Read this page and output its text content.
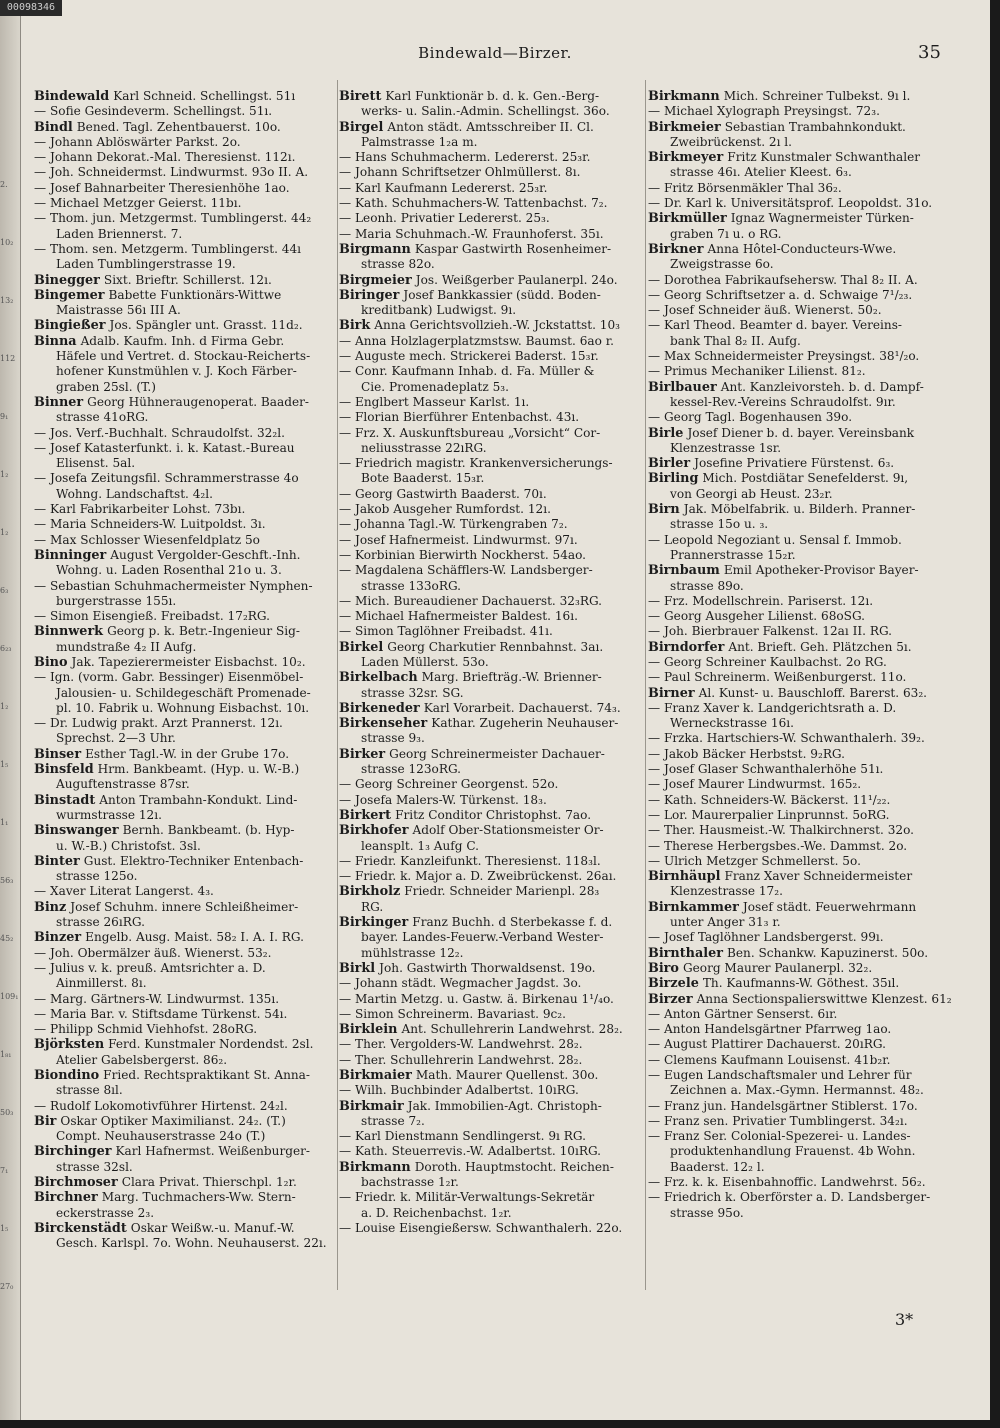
2.
10₂
13₂
112
9₁
1₂
1₂
6₃
6₂₃
1₂
1₅
1₁
56₃
45₂
109₁
1₈₁
50₃
7₁
1₅
27₀
00098346
Bindewald—Birzer.	35
Bindewald Karl Schneid. Schellingst. 51ı
— Sofie Gesindeverm. Schellingst. 51ı.
Bindl Bened. Tagl. Zehentbauerst. 10o.
— Johann Ablöswärter Parkst. 2o.
— Johann Dekorat.-Mal. Theresienst. 112ı.
— Joh. Schneidermst. Lindwurmst. 93o II. A.
— Josef Bahnarbeiter Theresienhöhe 1ao.
— Michael Metzger Geierst. 11bı.
— Thom. jun. Metzgermst. Tumblingerst. 44₂
Laden Briennerst. 7.
— Thom. sen. Metzgerm. Tumblingerst. 44ı
Laden Tumblingerstrasse 19.
Binegger Sixt. Brieftr. Schillerst. 12ı.
Bingemer Babette Funktionärs-Wittwe
Maistrasse 56ı III A.
Bingießer Jos. Spängler unt. Grasst. 11d₂.
Binna Adalb. Kaufm. Inh. d Firma Gebr.
Häfele und Vertret. d. Stockau-Reicherts-
hofener Kunstmühlen v. J. Koch Färber-
graben 25sl. (T.)
Binner Georg Hühneraugenoperat. Baader-
strasse 41oRG.
— Jos. Verf.-Buchhalt. Schraudolfst. 32₂l.
— Josef Katasterfunkt. i. k. Katast.-Bureau
Elisenst. 5al.
— Josefa Zeitungsfil. Schrammerstrasse 4o
Wohng. Landschaftst. 4₂l.
— Karl Fabrikarbeiter Lohst. 73bı.
— Maria Schneiders-W. Luitpoldst. 3ı.
— Max Schlosser Wiesenfeldplatz 5o
Binninger August Vergolder-Geschft.-Inh.
Wohng. u. Laden Rosenthal 21o u. 3.
— Sebastian Schuhmachermeister Nymphen-
burgerstrasse 155ı.
— Simon Eisengieß. Freibadst. 17₂RG.
Binnwerk Georg p. k. Betr.-Ingenieur Sig-
mundstraße 4₂ II Aufg.
Bino Jak. Tapezierermeister Eisbachst. 10₂.
— Ign. (vorm. Gabr. Bessinger) Eisenmöbel-
Jalousien- u. Schildegeschäft Promenade-
pl. 10. Fabrik u. Wohnung Eisbachst. 10ı.
— Dr. Ludwig prakt. Arzt Prannerst. 12ı.
Sprechst. 2—3 Uhr.
Binser Esther Tagl.-W. in der Grube 17o.
Binsfeld Hrm. Bankbeamt. (Hyp. u. W.-B.)
Auguftenstrasse 87sr.
Binstadt Anton Trambahn-Kondukt. Lind-
wurmstrasse 12ı.
Binswanger Bernh. Bankbeamt. (b. Hyp-
u. W.-B.) Christofst. 3sl.
Binter Gust. Elektro-Techniker Entenbach-
strasse 125o.
— Xaver Literat Langerst. 4₃.
Binz Josef Schuhm. innere Schleißheimer-
strasse 26ıRG.
Binzer Engelb. Ausg. Maist. 58₂ I. A. I. RG.
— Joh. Obermälzer äuß. Wienerst. 53₂.
— Julius v. k. preuß. Amtsrichter a. D.
Ainmillerst. 8ı.
— Marg. Gärtners-W. Lindwurmst. 135ı.
— Maria Bar. v. Stiftsdame Türkenst. 54ı.
— Philipp Schmid Viehhofst. 28oRG.
Björksten Ferd. Kunstmaler Nordendst. 2sl.
Atelier Gabelsbergerst. 86₂.
Biondino Fried. Rechtspraktikant St. Anna-
strasse 8ıl.
— Rudolf Lokomotivführer Hirtenst. 24₂l.
Bir Oskar Optiker Maximilianst. 24₂. (T.)
Compt. Neuhauserstrasse 24o (T.)
Birchinger Karl Hafnermst. Weißenburger-
strasse 32sl.
Birchmoser Clara Privat. Thierschpl. 1₂r.
Birchner Marg. Tuchmachers-Ww. Stern-
eckerstrasse 2₃.
Birckenstädt Oskar Weißw.-u. Manuf.-W.
Gesch. Karlspl. 7o. Wohn. Neuhauserst. 22ı.
Birett Karl Funktionär b. d. k. Gen.-Berg-
werks- u. Salin.-Admin. Schellingst. 36o.
Birgel Anton städt. Amtsschreiber II. Cl.
Palmstrasse 1₂a m.
— Hans Schuhmacherm. Ledererst. 25₃r.
— Johann Schriftsetzer Ohlmüllerst. 8ı.
— Karl Kaufmann Ledererst. 25₃r.
— Kath. Schuhmachers-W. Tattenbachst. 7₂.
— Leonh. Privatier Ledererst. 25₃.
— Maria Schuhmach.-W. Fraunhoferst. 35ı.
Birgmann Kaspar Gastwirth Rosenheimer-
strasse 82o.
Birgmeier Jos. Weißgerber Paulanerpl. 24o.
Biringer Josef Bankkassier (südd. Boden-
kreditbank) Ludwigst. 9ı.
Birk Anna Gerichtsvollzieh.-W. Jckstattst. 10₃
— Anna Holzlagerplatzmstsw. Baumst. 6ao r.
— Auguste mech. Strickerei Baderst. 15₃r.
— Conr. Kaufmann Inhab. d. Fa. Müller &
Cie. Promenadeplatz 5₃.
— Englbert Masseur Karlst. 1ı.
— Florian Bierführer Entenbachst. 43ı.
— Frz. X. Auskunftsbureau „Vorsicht“ Cor-
neliusstrasse 22ıRG.
— Friedrich magistr. Krankenversicherungs-
Bote Baaderst. 15₃r.
— Georg Gastwirth Baaderst. 70ı.
— Jakob Ausgeher Rumfordst. 12ı.
— Johanna Tagl.-W. Türkengraben 7₂.
— Josef Hafnermeist. Lindwurmst. 97ı.
— Korbinian Bierwirth Nockherst. 54ao.
— Magdalena Schäfflers-W. Landsberger-
strasse 133oRG.
— Mich. Bureaudiener Dachauerst. 32₃RG.
— Michael Hafnermeister Baldest. 16ı.
— Simon Taglöhner Freibadst. 41ı.
Birkel Georg Charkutier Rennbahnst. 3aı.
Laden Müllerst. 53o.
Birkelbach Marg. Briefträg.-W. Brienner-
strasse 32sr. SG.
Birkeneder Karl Vorarbeit. Dachauerst. 74₃.
Birkenseher Kathar. Zugeherin Neuhauser-
strasse 9₃.
Birker Georg Schreinermeister Dachauer-
strasse 123oRG.
— Georg Schreiner Georgenst. 52o.
— Josefa Malers-W. Türkenst. 18₃.
Birkert Fritz Conditor Christophst. 7ao.
Birkhofer Adolf Ober-Stationsmeister Or-
leansplt. 1₃ Aufg C.
— Friedr. Kanzleifunkt. Theresienst. 118₃l.
— Friedr. k. Major a. D. Zweibrückenst. 26aı.
Birkholz Friedr. Schneider Marienpl. 28₃
RG.
Birkinger Franz Buchh. d Sterbekasse f. d.
bayer. Landes-Feuerw.-Verband Wester-
mühlstrasse 12₂.
Birkl Joh. Gastwirth Thorwaldsenst. 19o.
— Johann städt. Wegmacher Jagdst. 3o.
— Martin Metzg. u. Gastw. ä. Birkenau 1¹/₄o.
— Simon Schreinerm. Bavariast. 9c₂.
Birklein Ant. Schullehrerin Landwehrst. 28₂.
— Ther. Vergolders-W. Landwehrst. 28₂.
— Ther. Schullehrerin Landwehrst. 28₂.
Birkmaier Math. Maurer Quellenst. 30o.
— Wilh. Buchbinder Adalbertst. 10ıRG.
Birkmair Jak. Immobilien-Agt. Christoph-
strasse 7₂.
— Karl Dienstmann Sendlingerst. 9ı RG.
— Kath. Steuerrevis.-W. Adalbertst. 10ıRG.
Birkmann Doroth. Hauptmstocht. Reichen-
bachstrasse 1₂r.
— Friedr. k. Militär-Verwaltungs-Sekretär
a. D. Reichenbachst. 1₂r.
— Louise Eisengießersw. Schwanthalerh. 22o.
Birkmann Mich. Schreiner Tulbekst. 9ı l.
— Michael Xylograph Preysingst. 72₃.
Birkmeier Sebastian Trambahnkondukt.
Zweibrückenst. 2ı l.
Birkmeyer Fritz Kunstmaler Schwanthaler
strasse 46ı. Atelier Kleest. 6₃.
— Fritz Börsenmäkler Thal 36₂.
— Dr. Karl k. Universitätsprof. Leopoldst. 31o.
Birkmüller Ignaz Wagnermeister Türken-
graben 7ı u. o RG.
Birkner Anna Hôtel-Conducteurs-Wwe.
Zweigstrasse 6o.
— Dorothea Fabrikaufsehersw. Thal 8₂ II. A.
— Georg Schriftsetzer a. d. Schwaige 7¹/₂₃.
— Josef Schneider äuß. Wienerst. 50₂.
— Karl Theod. Beamter d. bayer. Vereins-
bank Thal 8₂ II. Aufg.
— Max Schneidermeister Preysingst. 38¹/₂o.
— Primus Mechaniker Lilienst. 81₂.
Birlbauer Ant. Kanzleivorsteh. b. d. Dampf-
kessel-Rev.-Vereins Schraudolfst. 9ır.
— Georg Tagl. Bogenhausen 39o.
Birle Josef Diener b. d. bayer. Vereinsbank
Klenzestrasse 1sr.
Birler Josefine Privatiere Fürstenst. 6₃.
Birling Mich. Postdiätar Senefelderst. 9ı,
von Georgi ab Heust. 23₂r.
Birn Jak. Möbelfabrik. u. Bilderh. Pranner-
strasse 15o u. ₃.
— Leopold Negoziant u. Sensal f. Immob.
Prannerstrasse 15₂r.
Birnbaum Emil Apotheker-Provisor Bayer-
strasse 89o.
— Frz. Modellschrein. Pariserst. 12ı.
— Georg Ausgeher Lilienst. 68oSG.
— Joh. Bierbrauer Falkenst. 12aı II. RG.
Birndorfer Ant. Brieft. Geh. Plätzchen 5ı.
— Georg Schreiner Kaulbachst. 2o RG.
— Paul Schreinerm. Weißenburgerst. 11o.
Birner Al. Kunst- u. Bauschloff. Barerst. 63₂.
— Franz Xaver k. Landgerichtsrath a. D.
Werneckstrasse 16ı.
— Frzka. Hartschiers-W. Schwanthalerh. 39₂.
— Jakob Bäcker Herbstst. 9₂RG.
— Josef Glaser Schwanthalerhöhe 51ı.
— Josef Maurer Lindwurmst. 165₂.
— Kath. Schneiders-W. Bäckerst. 11¹/₂₂.
— Lor. Maurerpalier Linprunnst. 5oRG.
— Ther. Hausmeist.-W. Thalkirchnerst. 32o.
— Therese Herbergsbes.-We. Dammst. 2o.
— Ulrich Metzger Schmellerst. 5o.
Birnhäupl Franz Xaver Schneidermeister
Klenzestrasse 17₂.
Birnkammer Josef städt. Feuerwehrmann
unter Anger 31₃ r.
— Josef Taglöhner Landsbergerst. 99ı.
Birnthaler Ben. Schankw. Kapuzinerst. 50o.
Biro Georg Maurer Paulanerpl. 32₂.
Birzele Th. Kaufmanns-W. Göthest. 35ıl.
Birzer Anna Sectionspalierswittwe Klenzest. 61₂
— Anton Gärtner Senserst. 6ır.
— Anton Handelsgärtner Pfarrweg 1ao.
— August Plattirer Dachauerst. 20ıRG.
— Clemens Kaufmann Louisenst. 41b₂r.
— Eugen Landschaftsmaler und Lehrer für
Zeichnen a. Max.-Gymn. Hermannst. 48₂.
— Franz jun. Handelsgärtner Stiblerst. 17o.
— Franz sen. Privatier Tumblingerst. 34₂ı.
— Franz Ser. Colonial-Spezerei- u. Landes-
produktenhandlung Frauenst. 4b Wohn.
Baaderst. 12₂ l.
— Frz. k. k. Eisenbahnoffic. Landwehrst. 56₂.
— Friedrich k. Oberförster a. D. Landsberger-
strasse 95o.
3*
